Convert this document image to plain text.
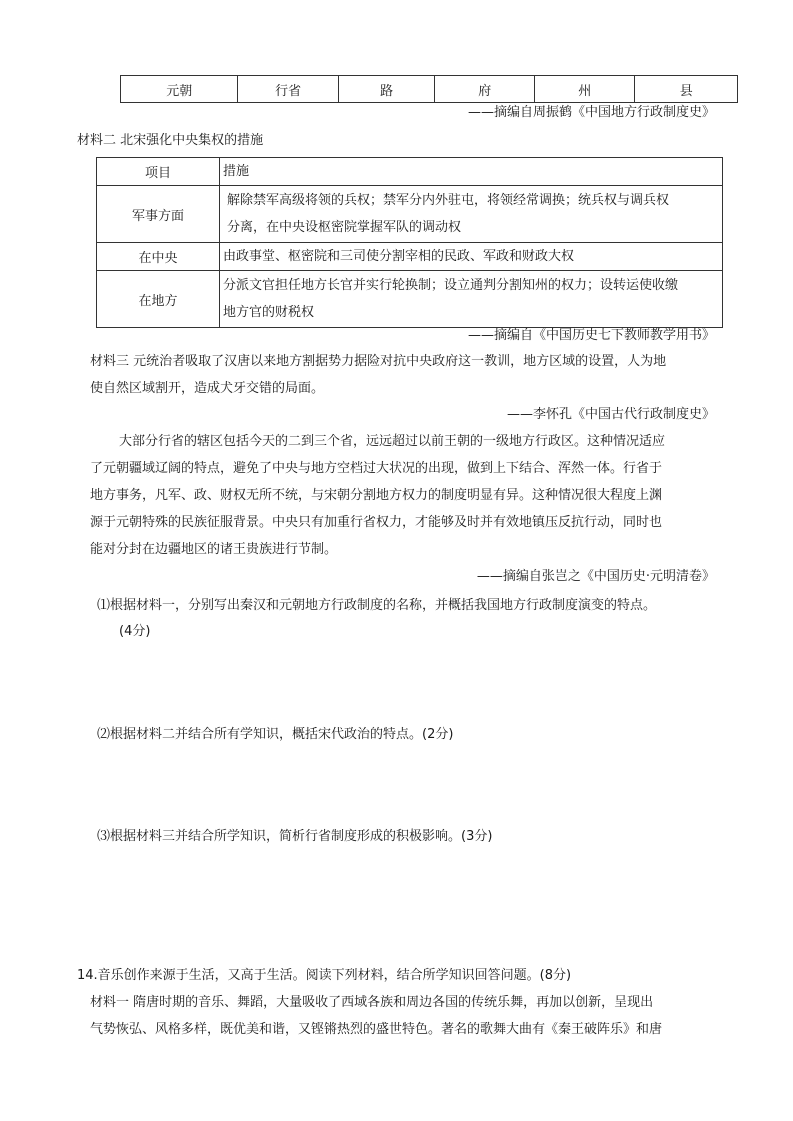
元朝	行省	路	府	州	县
——摘编自周振鹤《中国地方行政制度史》
材料二 北宋强化中央集权的措施
项目	措施
军事方面	解除禁军高级将领的兵权；禁军分内外驻屯，将领经常调换；统兵权与调兵权
分离，在中央设枢密院掌握军队的调动权

在中央	由政事堂、枢密院和三司使分割宰相的民政、军政和财政大权

在地方	分派文官担任地方长官并实行轮换制；设立通判分割知州的权力；设转运使收缴
地方官的财税权
——摘编自《中国历史七下教师教学用书》
材料三 元统治者吸取了汉唐以来地方割据势力据险对抗中央政府这一教训，地方区域的设置，人为地
使自然区域割开，造成犬牙交错的局面。
——李怀孔《中国古代行政制度史》
大部分行省的辖区包括今天的二到三个省，远远超过以前王朝的一级地方行政区。这种情况适应
了元朝疆域辽阔的特点，避免了中央与地方空档过大状况的出现，做到上下结合、浑然一体。行省于
地方事务，凡军、政、财权无所不统，与宋朝分割地方权力的制度明显有异。这种情况很大程度上渊
源于元朝特殊的民族征服背景。中央只有加重行省权力，才能够及时并有效地镇压反抗行动，同时也
能对分封在边疆地区的诸王贵族进行节制。
——摘编自张岂之《中国历史·元明清卷》
⑴根据材料一，分别写出秦汉和元朝地方行政制度的名称，并概括我国地方行政制度演变的特点。
(4分)
⑵根据材料二并结合所有学知识，概括宋代政治的特点。(2分)
⑶根据材料三并结合所学知识，简析行省制度形成的积极影响。(3分)
14.音乐创作来源于生活，又高于生活。阅读下列材料，结合所学知识回答问题。(8分)
材料一 隋唐时期的音乐、舞蹈，大量吸收了西域各族和周边各国的传统乐舞，再加以创新，呈现出
气势恢弘、风格多样，既优美和谐，又铿锵热烈的盛世特色。著名的歌舞大曲有《秦王破阵乐》和唐
